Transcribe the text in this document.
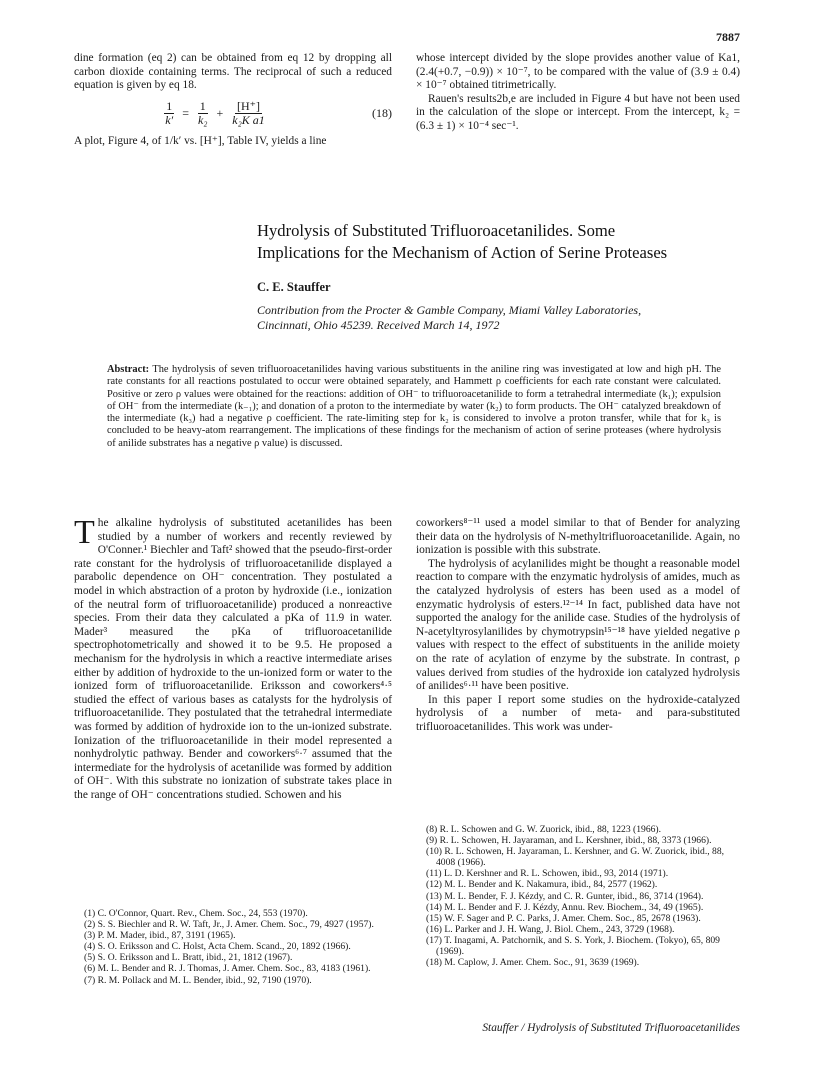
7887

dine formation (eq 2) can be obtained from eq 12 by dropping all carbon dioxide containing terms. The reciprocal of such a reduced equation is given by eq 18.

$\frac{1}{k'} = \frac{1}{\text{k₂}} + \frac{[H^+]}{\text{k₂K a1}}$	(18)

A plot, Figure 4, of 1/k′ vs. [H⁺], Table IV, yields a line

whose intercept divided by the slope provides another value of Ka1, (2.4(+0.7, −0.9)) × 10⁻⁷, to be compared with the value of (3.9 ± 0.4) × 10⁻⁷ obtained titrimetrically.

Rauen's results2b,e are included in Figure 4 but have not been used in the calculation of the slope or intercept. From the intercept, k₂ = (6.3 ± 1) × 10⁻⁴ sec⁻¹.

Hydrolysis of Substituted Trifluoroacetanilides. Some
Implications for the Mechanism of Action of Serine Proteases
C. E. Stauffer
Contribution from the Procter & Gamble Company, Miami Valley Laboratories,
Cincinnati, Ohio 45239. Received March 14, 1972
Abstract: The hydrolysis of seven trifluoroacetanilides having various substituents in the aniline ring was investigated at low and high pH. The rate constants for all reactions postulated to occur were obtained separately, and Hammett ρ coefficients for each rate constant were calculated. Positive or zero ρ values were obtained for the reactions: addition of OH⁻ to trifluoroacetanilide to form a tetrahedral intermediate (k₁); expulsion of OH⁻ from the intermediate (k₋₁); and donation of a proton to the intermediate by water (k₂) to form products. The OH⁻ catalyzed breakdown of the intermediate (k₃) had a negative ρ coefficient. The rate-limiting step for k₂ is considered to involve a proton transfer, while that for k₃ is concluded to be heavy-atom rearrangement. The implications of these findings for the mechanism of action of serine proteases (where hydrolysis of anilide substrates has a negative ρ value) is discussed.
The alkaline hydrolysis of substituted acetanilides has been studied by a number of workers and recently reviewed by O'Conner.¹ Biechler and Taft² showed that the pseudo-first-order rate constant for the hydrolysis of trifluoroacetanilide displayed a parabolic dependence on OH⁻ concentration. They postulated a model in which abstraction of a proton by hydroxide (i.e., ionization of the neutral form of trifluoroacetanilide) produced a nonreactive species. From their data they calculated a pKa of 11.9 in water. Mader³ measured the pKa of trifluoroacetanilide spectrophotometrically and showed it to be 9.5. He proposed a mechanism for the hydrolysis in which a reactive intermediate arises either by addition of hydroxide to the un-ionized form or water to the ionized form of trifluoroacetanilide. Eriksson and coworkers⁴·⁵ studied the effect of various bases as catalysts for the hydrolysis of trifluoroacetanilide. They postulated that the tetrahedral intermediate was formed by addition of hydroxide ion to the un-ionized substrate. Ionization of the trifluoroacetanilide in their model represented a nonhydrolytic pathway. Bender and coworkers⁶·⁷ assumed that the intermediate for the hydrolysis of acetanilide was formed by addition of OH⁻. With this substrate no ionization of substrate takes place in the range of OH⁻ concentrations studied. Schowen and his

coworkers⁸⁻¹¹ used a model similar to that of Bender for analyzing their data on the hydrolysis of N-methyltrifluoroacetanilide. Again, no ionization is possible with this substrate.

The hydrolysis of acylanilides might be thought a reasonable model reaction to compare with the enzymatic hydrolysis of amides, much as the catalyzed hydrolysis of esters has been used as a model of enzymatic hydrolysis of esters.¹²⁻¹⁴ In fact, published data have not supported the analogy for the anilide case. Studies of the hydrolysis of N-acetyltyrosylanilides by chymotrypsin¹⁵⁻¹⁸ have yielded negative ρ values with respect to the effect of substituents in the anilide moiety on the rate of acylation of enzyme by the substrate. In contrast, ρ values derived from studies of the hydroxide ion catalyzed hydrolysis of anilides⁶·¹¹ have been positive.

In this paper I report some studies on the hydroxide-catalyzed hydrolysis of a number of meta- and para-substituted trifluoroacetanilides. This work was under-

(1) C. O'Connor, Quart. Rev., Chem. Soc., 24, 553 (1970).
(2) S. S. Biechler and R. W. Taft, Jr., J. Amer. Chem. Soc., 79, 4927 (1957).
(3) P. M. Mader, ibid., 87, 3191 (1965).
(4) S. O. Eriksson and C. Holst, Acta Chem. Scand., 20, 1892 (1966).
(5) S. O. Eriksson and L. Bratt, ibid., 21, 1812 (1967).
(6) M. L. Bender and R. J. Thomas, J. Amer. Chem. Soc., 83, 4183 (1961).
(7) R. M. Pollack and M. L. Bender, ibid., 92, 7190 (1970).
(8) R. L. Schowen and G. W. Zuorick, ibid., 88, 1223 (1966).
(9) R. L. Schowen, H. Jayaraman, and L. Kershner, ibid., 88, 3373 (1966).
(10) R. L. Schowen, H. Jayaraman, L. Kershner, and G. W. Zuorick, ibid., 88, 4008 (1966).
(11) L. D. Kershner and R. L. Schowen, ibid., 93, 2014 (1971).
(12) M. L. Bender and K. Nakamura, ibid., 84, 2577 (1962).
(13) M. L. Bender, F. J. Kézdy, and C. R. Gunter, ibid., 86, 3714 (1964).
(14) M. L. Bender and F. J. Kézdy, Annu. Rev. Biochem., 34, 49 (1965).
(15) W. F. Sager and P. C. Parks, J. Amer. Chem. Soc., 85, 2678 (1963).
(16) L. Parker and J. H. Wang, J. Biol. Chem., 243, 3729 (1968).
(17) T. Inagami, A. Patchornik, and S. S. York, J. Biochem. (Tokyo), 65, 809 (1969).
(18) M. Caplow, J. Amer. Chem. Soc., 91, 3639 (1969).
Stauffer / Hydrolysis of Substituted Trifluoroacetanilides
